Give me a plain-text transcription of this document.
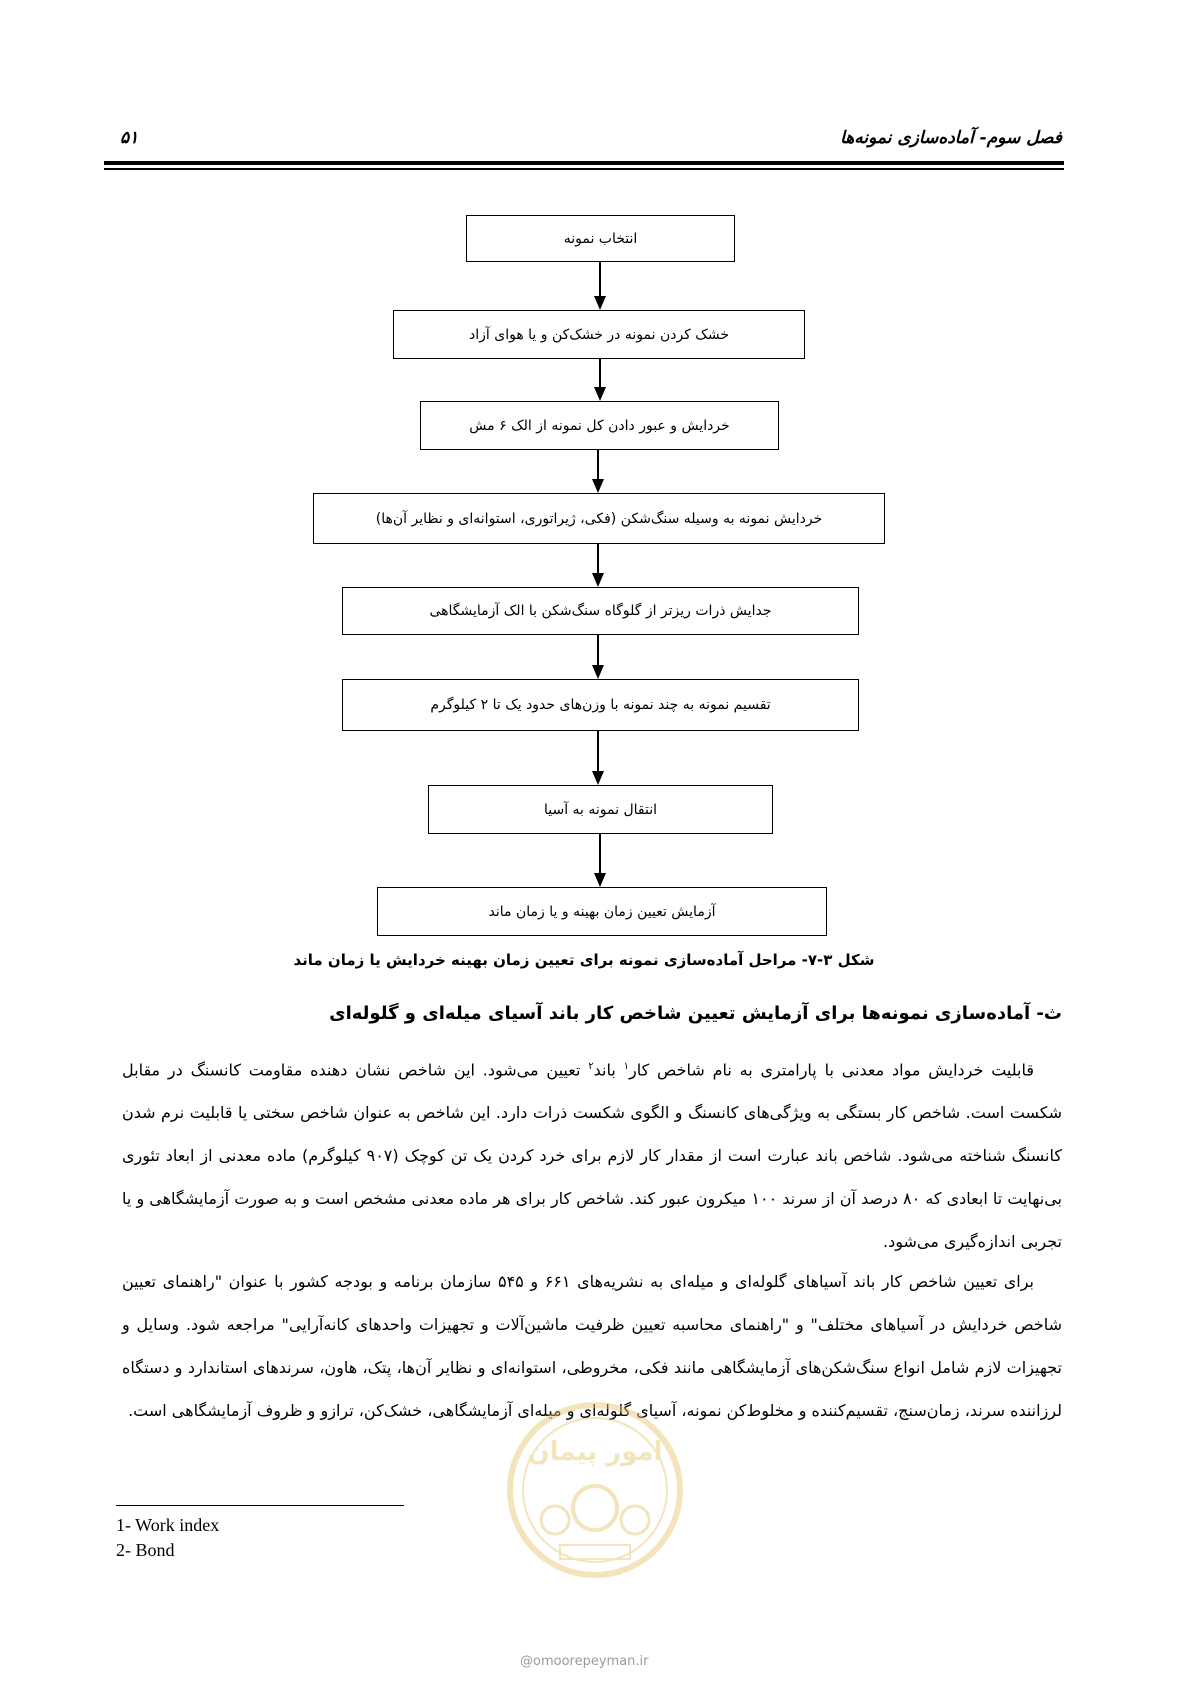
فصل سوم- آماده‌سازی نمونه‌ها
۵۱
انتخاب نمونه
خشک کردن نمونه در خشک‌کن و یا هوای آزاد
خردایش و عبور دادن کل نمونه از الک ۶ مش
خردایش نمونه به وسیله سنگ‌شکن (فکی، ژیراتوری، استوانه‌ای و نظایر آن‌ها)
جدایش ذرات ریزتر از گلوگاه سنگ‌شکن با الک آزمایشگاهی
تقسیم نمونه به چند نمونه با وزن‌های حدود یک تا ۲ کیلوگرم
انتقال نمونه به آسیا
آزمایش تعیین زمان بهینه و یا زمان ماند
شکل ۳-۷- مراحل آماده‌سازی نمونه برای تعیین زمان بهینه خردایش یا زمان ماند
ث- آماده‌سازی نمونه‌ها برای آزمایش تعیین شاخص کار باند آسیای میله‌ای و گلوله‌ای
قابلیت خردایش مواد معدنی با پارامتری به نام شاخص کار$^۱$ باند$^۲$ تعیین می‌شود. این شاخص نشان دهنده مقاومت کانسنگ در مقابل شکست است. شاخص کار بستگی به ویژگی‌های کانسنگ و الگوی شکست ذرات دارد. این شاخص به عنوان شاخص سختی یا قابلیت نرم شدن کانسنگ شناخته می‌شود. شاخص باند عبارت است از مقدار کار لازم برای خرد کردن یک تن کوچک (۹۰۷ کیلوگرم) ماده معدنی از ابعاد تئوری بی‌نهایت تا ابعادی که ۸۰ درصد آن از سرند ۱۰۰ میکرون عبور کند. شاخص کار برای هر ماده معدنی مشخص است و به صورت آزمایشگاهی و یا تجربی اندازه‌گیری می‌شود.
برای تعیین شاخص کار باند آسیاهای گلوله‌ای و میله‌ای به نشریه‌های ۶۶۱ و ۵۴۵ سازمان برنامه و بودجه کشور با عنوان "راهنمای تعیین شاخص خردایش در آسیاهای مختلف" و "راهنمای محاسبه تعیین ظرفیت ماشین‌آلات و تجهیزات واحدهای کانه‌آرایی" مراجعه شود. وسایل و تجهیزات لازم شامل انواع سنگ‌شکن‌های آزمایشگاهی مانند فکی، مخروطی، استوانه‌ای و نظایر آن‌ها، پتک، هاون، سرندهای استاندارد و دستگاه لرزاننده سرند، زمان‌سنج، تقسیم‌کننده و مخلوط‌کن نمونه، آسیای گلوله‌ای و میله‌ای آزمایشگاهی، خشک‌کن، ترازو و ظروف آزمایشگاهی است.
1- Work index
2- Bond
امور پیمان
@omoorepeyman.ir
